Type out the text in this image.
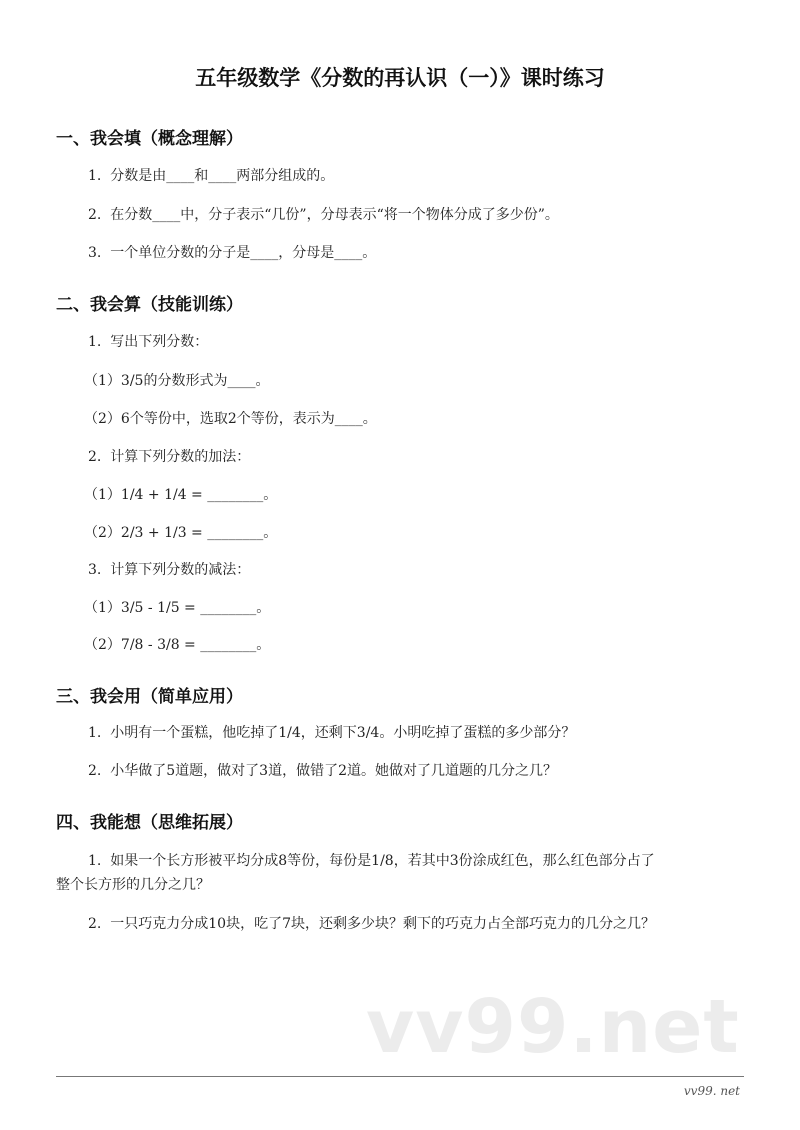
五年级数学《分数的再认识（一）》课时练习
一、我会填（概念理解）
1.  分数是由____和____两部分组成的。
2.  在分数____中，分子表示“几份”，分母表示“将一个物体分成了多少份”。
3.  一个单位分数的分子是____，分母是____。
二、我会算（技能训练）
1.  写出下列分数：
（1）3/5的分数形式为____。
（2）6个等份中，选取2个等份，表示为____。
2.  计算下列分数的加法：
（1）1/4 + 1/4 = ________。
（2）2/3 + 1/3 = ________。
3.  计算下列分数的减法：
（1）3/5 - 1/5 = ________。
（2）7/8 - 3/8 = ________。
三、我会用（简单应用）
1.  小明有一个蛋糕，他吃掉了1/4，还剩下3/4。小明吃掉了蛋糕的多少部分？
2.  小华做了5道题，做对了3道，做错了2道。她做对了几道题的几分之几？
四、我能想（思维拓展）
1.  如果一个长方形被平均分成8等份，每份是1/8，若其中3份涂成红色，那么红色部分占了
整个长方形的几分之几？
2.  一只巧克力分成10块，吃了7块，还剩多少块？剩下的巧克力占全部巧克力的几分之几？
vv99.net
vv99. net
